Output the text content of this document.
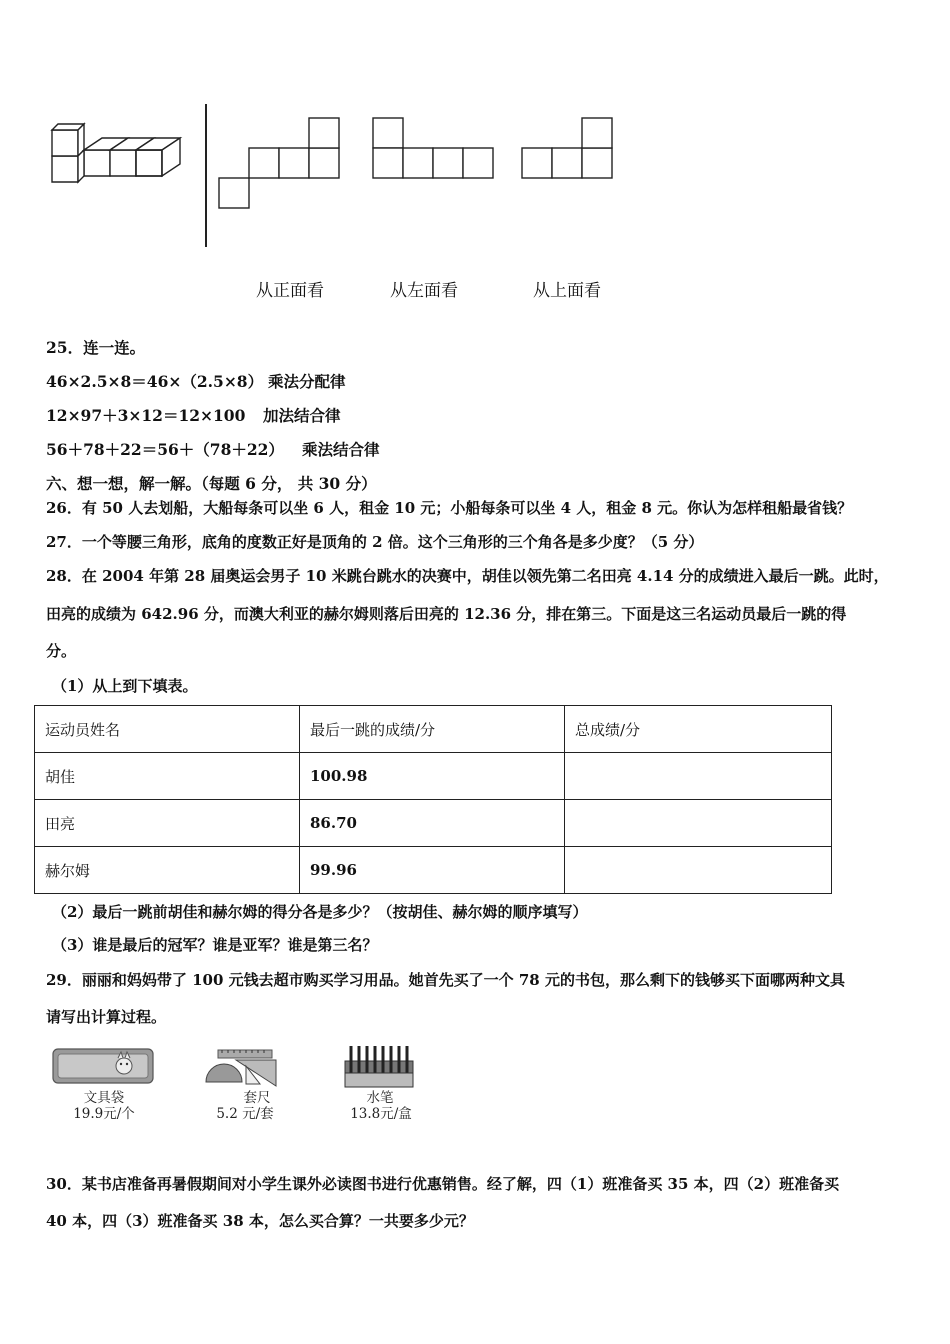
从正面看	从左面看	从上面看
25．连一连。
46×2.5×8＝46×（2.5×8） 乘法分配律
12×97＋3×12＝12×100 加法结合律
56＋78＋22＝56＋（78＋22） 乘法结合律
六、想一想，解一解。（每题 6 分， 共 30 分）
26．有 50 人去划船，大船每条可以坐 6 人，租金 10 元；小船每条可以坐 4 人，租金 8 元。你认为怎样租船最省钱？
27．一个等腰三角形，底角的度数正好是顶角的 2 倍。这个三角形的三个角各是多少度？（5 分）
28．在 2004 年第 28 届奥运会男子 10 米跳台跳水的决赛中，胡佳以领先第二名田亮 4.14 分的成绩进入最后一跳。此时，
田亮的成绩为 642.96 分，而澳大利亚的赫尔姆则落后田亮的 12.36 分，排在第三。下面是这三名运动员最后一跳的得
分。
（1）从上到下填表。
运动员姓名	最后一跳的成绩/分	总成绩/分
胡佳	100.98	
田亮	86.70	
赫尔姆	99.96	
（2）最后一跳前胡佳和赫尔姆的得分各是多少？（按胡佳、赫尔姆的顺序填写）
（3）谁是最后的冠军？谁是亚军？谁是第三名？
29．丽丽和妈妈带了 100 元钱去超市购买学习用品。她首先买了一个 78 元的书包，那么剩下的钱够买下面哪两种文具
请写出计算过程。
文具袋
19.9元/个
套尺
5.2 元/套
水笔
13.8元/盒
30．某书店准备再暑假期间对小学生课外必读图书进行优惠销售。经了解，四（1）班准备买 35 本，四（2）班准备买
40 本，四（3）班准备买 38 本，怎么买合算？一共要多少元？
